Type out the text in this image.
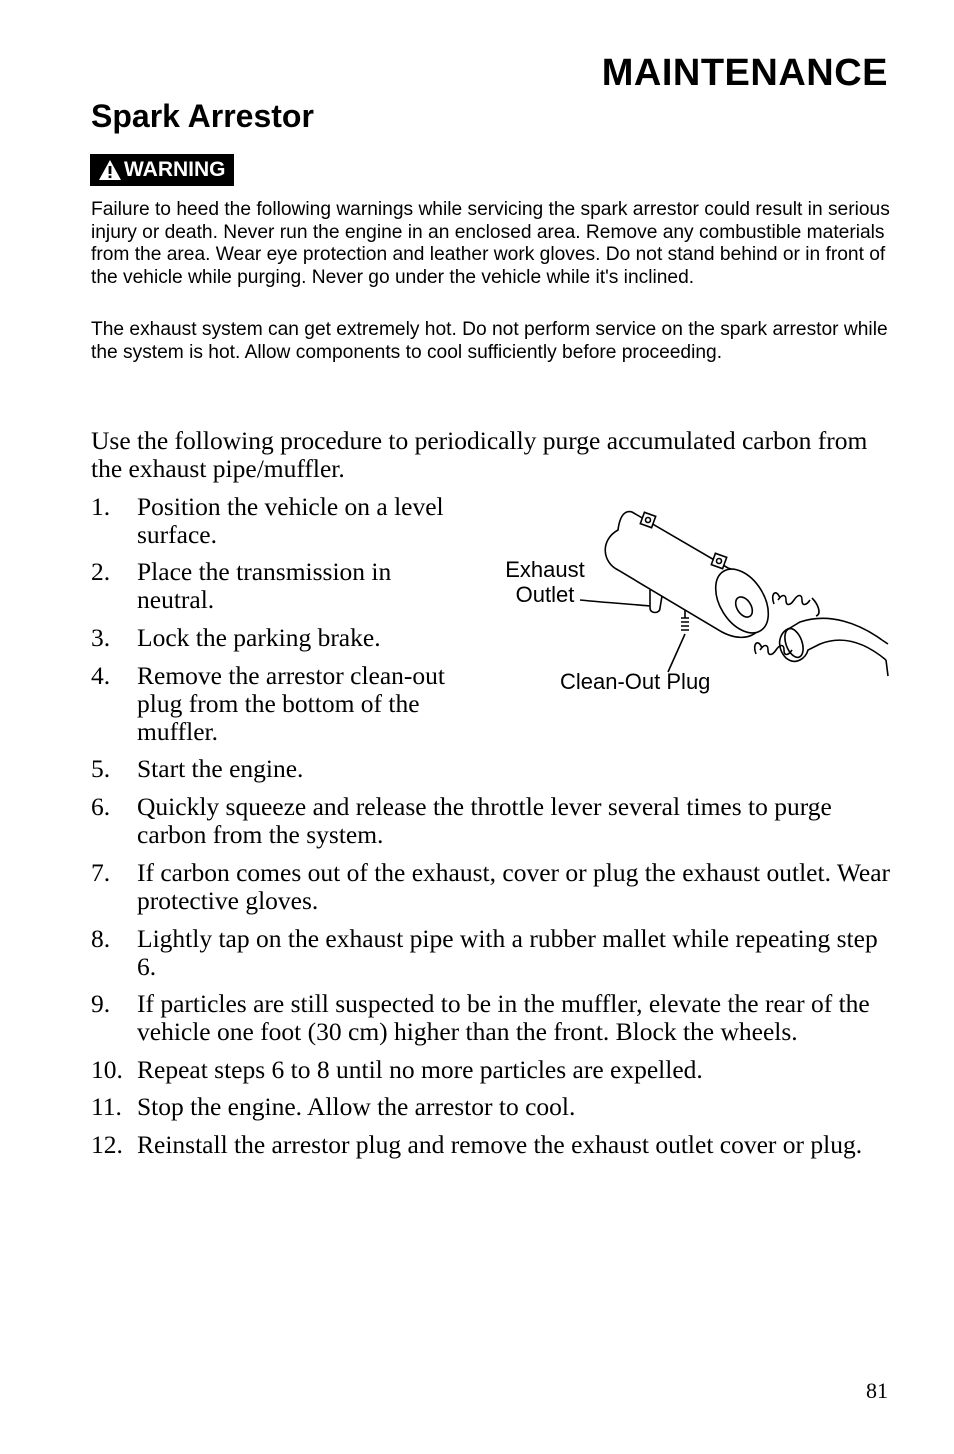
MAINTENANCE
Spark Arrestor
WARNING

Failure to heed the following warnings while servicing the spark arrestor could result in serious injury or death. Never run the engine in an enclosed area. Remove any combustible materials from the area. Wear eye protection and leather work gloves. Do not stand behind or in front of the vehicle while purging. Never go under the vehicle while it's inclined.

The exhaust system can get extremely hot. Do not perform service on the spark arrestor while the system is hot. Allow components to cool sufficiently before proceeding.

Use the following procedure to periodically purge accumulated carbon from the exhaust pipe/muffler.

1. Position the vehicle on a level surface.
2. Place the transmission in neutral.
3. Lock the parking brake.
4. Remove the arrestor clean-out plug from the bottom of the muffler.
5. Start the engine.
6. Quickly squeeze and release the throttle lever several times to purge carbon from the system.
7. If carbon comes out of the exhaust, cover or plug the exhaust outlet. Wear protective gloves.
8. Lightly tap on the exhaust pipe with a rubber mallet while repeating step 6.
9. If particles are still suspected to be in the muffler, elevate the rear of the vehicle one foot (30 cm) higher than the front. Block the wheels.
10. Repeat steps 6 to 8 until no more particles are expelled.
11. Stop the engine. Allow the arrestor to cool.
12. Reinstall the arrestor plug and remove the exhaust outlet cover or plug.
Exhaust
Outlet
Clean-Out Plug
81
